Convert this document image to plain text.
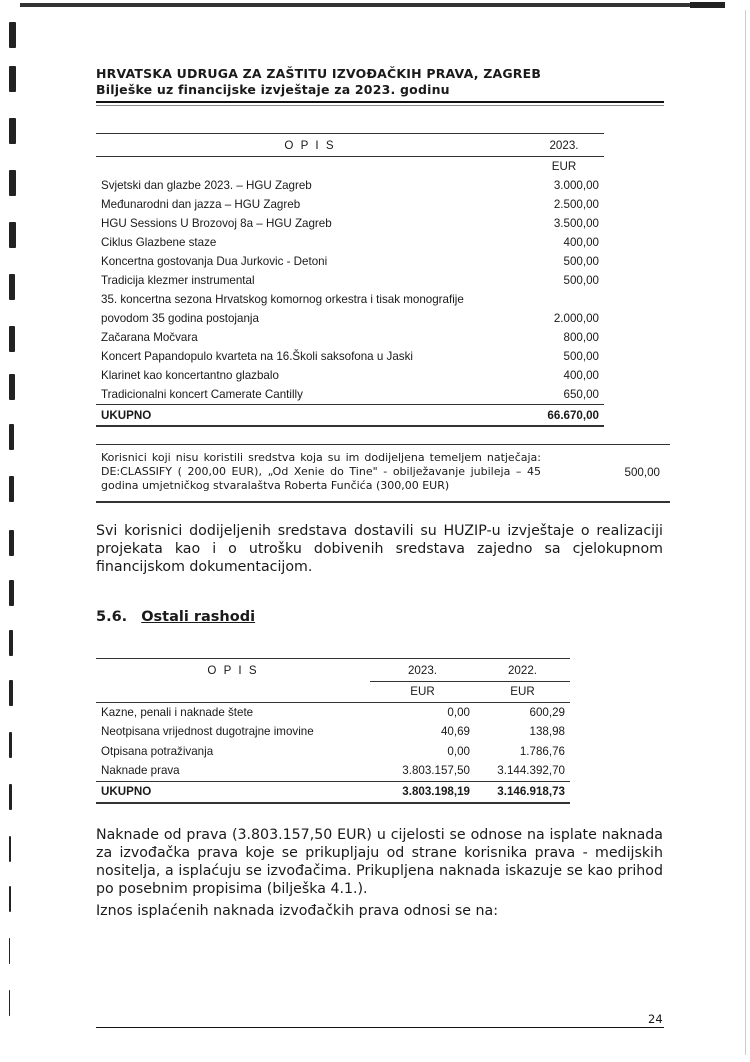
HRVATSKA UDRUGA ZA ZAŠTITU IZVOĐAČKIH PRAVA, ZAGREB
Bilješke uz financijske izvještaje za 2023. godinu
O P I S	2023.
	EUR
Svjetski dan glazbe 2023. – HGU Zagreb	3.000,00
Međunarodni dan jazza – HGU Zagreb	2.500,00
HGU Sessions U Brozovoj 8a – HGU Zagreb	3.500,00
Ciklus Glazbene staze	400,00
Koncertna gostovanja Dua Jurkovic - Detoni	500,00
Tradicija klezmer instrumental	500,00
35. koncertna sezona Hrvatskog komornog orkestra i tisak monografije	
povodom 35 godina postojanja	2.000,00
Začarana Močvara	800,00
Koncert Papandopulo kvarteta na 16.Školi saksofona u Jaski	500,00
Klarinet kao koncertantno glazbalo	400,00
Tradicionalni koncert Camerate Cantilly	650,00
UKUPNO	66.670,00
Korisnici koji nisu koristili sredstva koja su im dodijeljena temeljem natječaja: DE:CLASSIFY ( 200,00 EUR), „Od Xenie do Tine" - obilježavanje jubileja – 45 godina umjetničkog stvaralaštva Roberta Funčića (300,00 EUR)
500,00
Svi korisnici dodijeljenih sredstava dostavili su HUZIP-u izvještaje o realizaciji projekata kao i o utrošku dobivenih sredstava zajedno sa cjelokupnom financijskom dokumentacijom.
5.6. Ostali rashodi
O P I S	2023.	2022.
	EUR	EUR
Kazne, penali i naknade štete	0,00	600,29
Neotpisana vrijednost dugotrajne imovine	40,69	138,98
Otpisana potraživanja	0,00	1.786,76
Naknade prava	3.803.157,50	3.144.392,70
UKUPNO	3.803.198,19	3.146.918,73
Naknade od prava (3.803.157,50 EUR) u cijelosti se odnose na isplate naknada za izvođačka prava koje se prikupljaju od strane korisnika prava - medijskih nositelja, a isplaćuju se izvođačima. Prikupljena naknada iskazuje se kao prihod po posebnim propisima (bilješka 4.1.).
Iznos isplaćenih naknada izvođačkih prava odnosi se na:
24
